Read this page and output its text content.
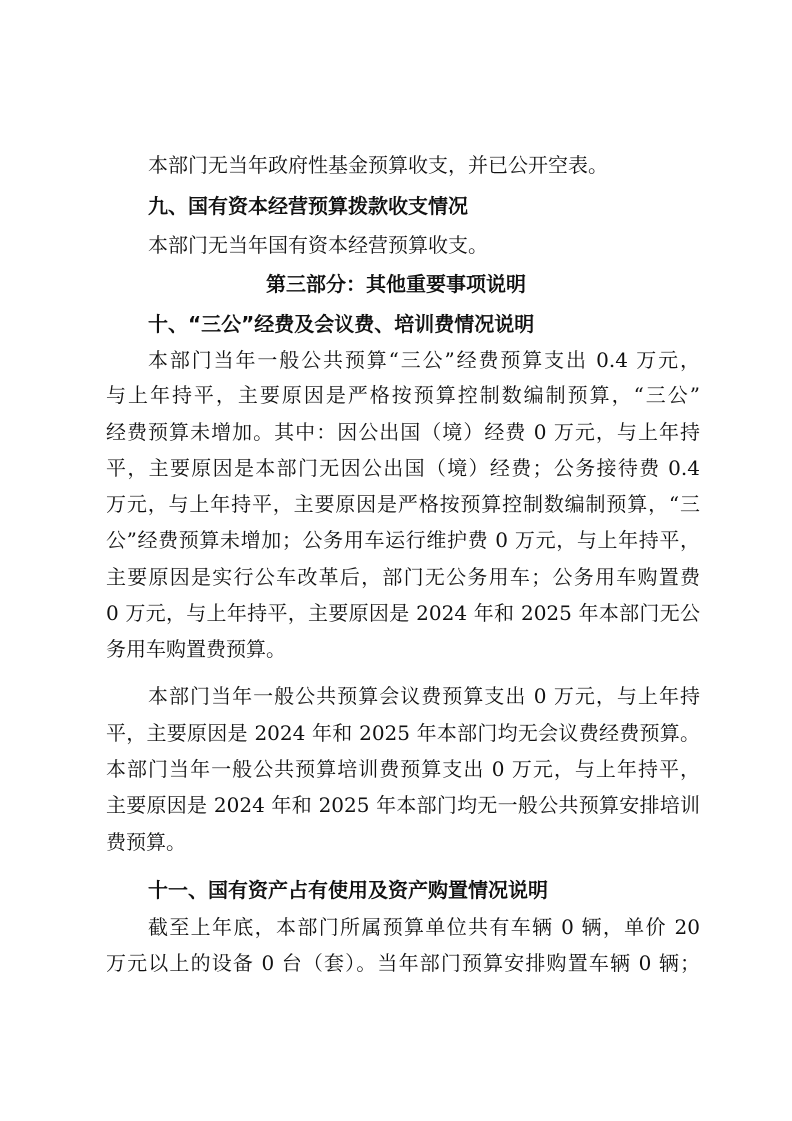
本部门无当年政府性基金预算收支，并已公开空表。
九、国有资本经营预算拨款收支情况
本部门无当年国有资本经营预算收支。
第三部分：其他重要事项说明
十、“三公”经费及会议费、培训费情况说明
本部门当年一般公共预算“三公”经费预算支出 0.4 万元，
与上年持平，主要原因是严格按预算控制数编制预算，“三公”
经费预算未增加。其中：因公出国（境）经费 0 万元，与上年持
平，主要原因是本部门无因公出国（境）经费；公务接待费 0.4
万元，与上年持平，主要原因是严格按预算控制数编制预算，“三
公”经费预算未增加；公务用车运行维护费 0 万元，与上年持平，
主要原因是实行公车改革后，部门无公务用车；公务用车购置费
0 万元，与上年持平，主要原因是 2024 年和 2025 年本部门无公
务用车购置费预算。
本部门当年一般公共预算会议费预算支出 0 万元，与上年持
平，主要原因是 2024 年和 2025 年本部门均无会议费经费预算。
本部门当年一般公共预算培训费预算支出 0 万元，与上年持平，
主要原因是 2024 年和 2025 年本部门均无一般公共预算安排培训
费预算。
十一、国有资产占有使用及资产购置情况说明
截至上年底，本部门所属预算单位共有车辆 0 辆，单价 20
万元以上的设备 0 台（套）。当年部门预算安排购置车辆 0 辆；
